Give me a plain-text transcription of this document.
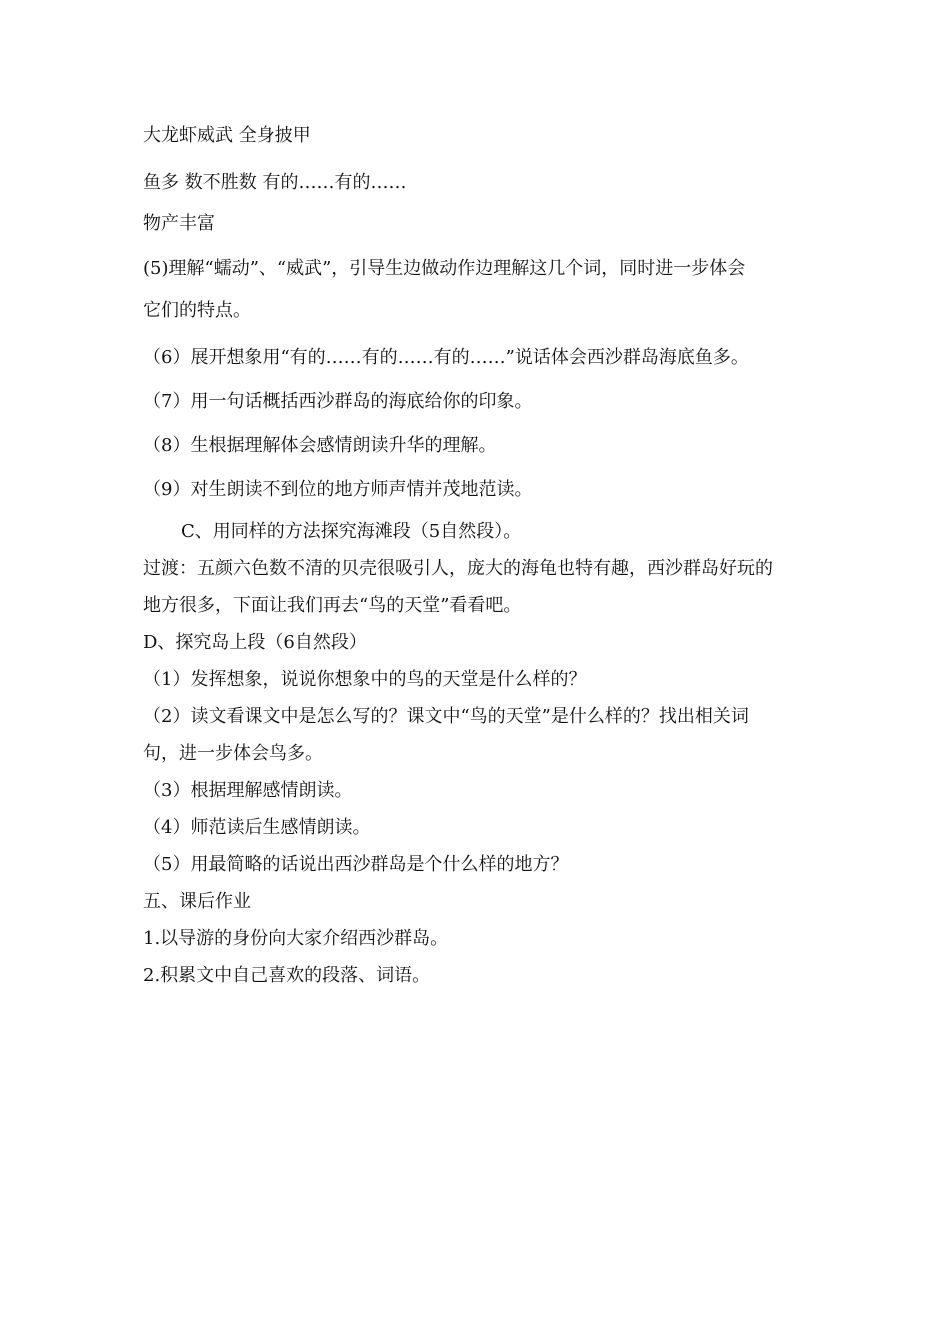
大龙虾威武 全身披甲
鱼多 数不胜数 有的……有的……
物产丰富
(5)理解“蠕动”、“威武”，引导生边做动作边理解这几个词，同时进一步体会
它们的特点。
（6）展开想象用“有的……有的……有的……”说话体会西沙群岛海底鱼多。
（7）用一句话概括西沙群岛的海底给你的印象。
（8）生根据理解体会感情朗读升华的理解。
（9）对生朗读不到位的地方师声情并茂地范读。
C、用同样的方法探究海滩段（5自然段）。
过渡：五颜六色数不清的贝壳很吸引人，庞大的海龟也特有趣，西沙群岛好玩的
地方很多，下面让我们再去“鸟的天堂”看看吧。
D、探究岛上段（6自然段）
（1）发挥想象，说说你想象中的鸟的天堂是什么样的？
（2）读文看课文中是怎么写的？课文中“鸟的天堂”是什么样的？找出相关词
句，进一步体会鸟多。
（3）根据理解感情朗读。
（4）师范读后生感情朗读。
（5）用最简略的话说出西沙群岛是个什么样的地方？
五、课后作业
1.以导游的身份向大家介绍西沙群岛。
2.积累文中自己喜欢的段落、词语。
